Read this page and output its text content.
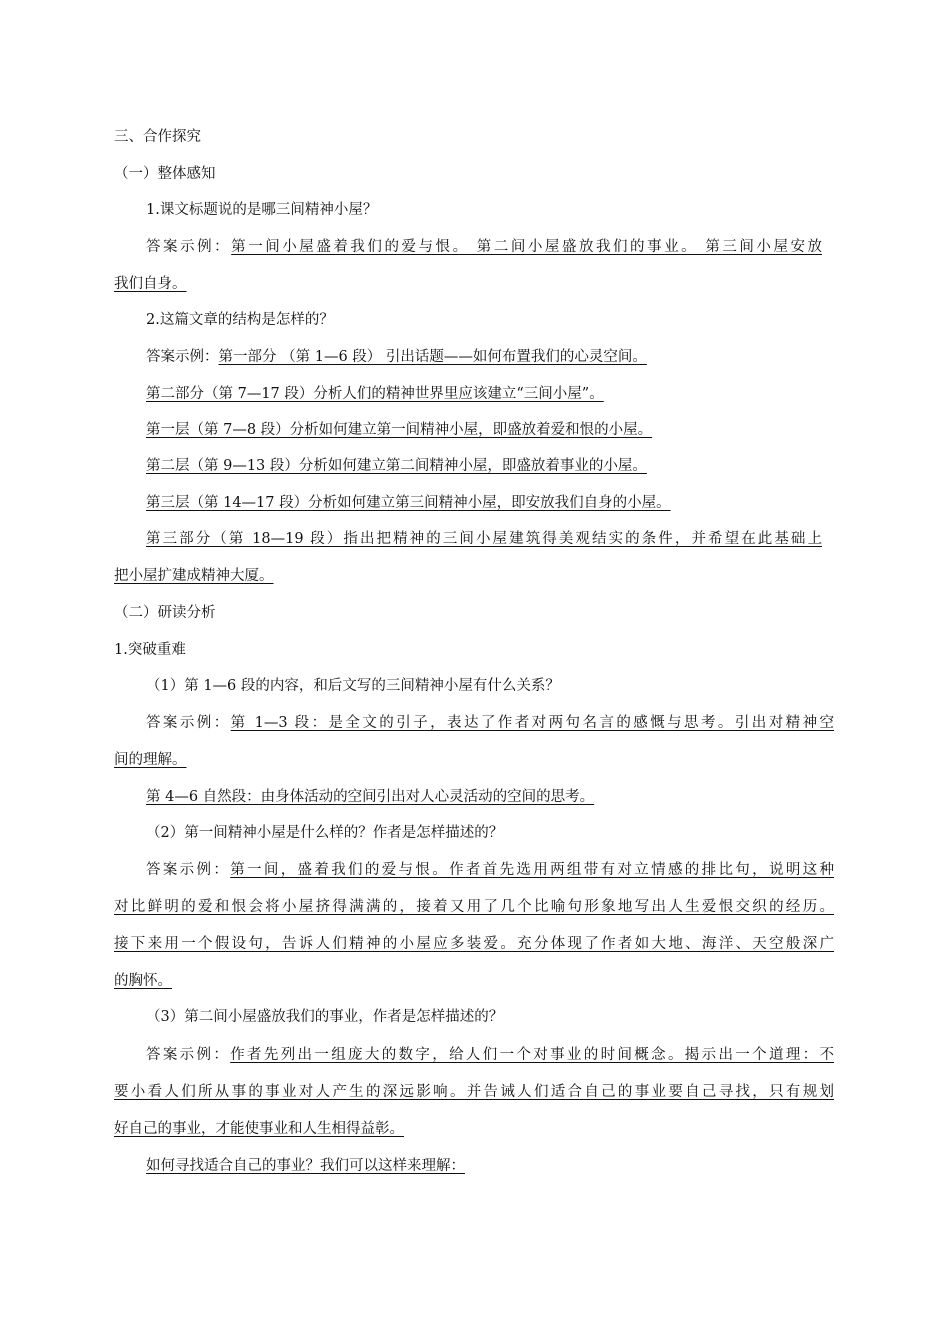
三、合作探究
（一）整体感知
1.课文标题说的是哪三间精神小屋？
答案示例：第一间小屋盛着我们的爱与恨。 第二间小屋盛放我们的事业。 第三间小屋安放
我们自身。
2.这篇文章的结构是怎样的？
答案示例：第一部分 （第 1—6 段） 引出话题——如何布置我们的心灵空间。
第二部分（第 7—17 段）分析人们的精神世界里应该建立“三间小屋”。
第一层（第 7—8 段）分析如何建立第一间精神小屋，即盛放着爱和恨的小屋。
第二层（第 9—13 段）分析如何建立第二间精神小屋，即盛放着事业的小屋。
第三层（第 14—17 段）分析如何建立第三间精神小屋，即安放我们自身的小屋。
第三部分（第 18—19 段）指出把精神的三间小屋建筑得美观结实的条件，并希望在此基础上
把小屋扩建成精神大厦。
（二）研读分析
1.突破重难
（1）第 1—6 段的内容，和后文写的三间精神小屋有什么关系？
答案示例：第 1—3 段：是全文的引子，表达了作者对两句名言的感慨与思考。引出对精神空
间的理解。
第 4—6 自然段：由身体活动的空间引出对人心灵活动的空间的思考。
（2）第一间精神小屋是什么样的？作者是怎样描述的？
答案示例：第一间，盛着我们的爱与恨。作者首先选用两组带有对立情感的排比句，说明这种
对比鲜明的爱和恨会将小屋挤得满满的，接着又用了几个比喻句形象地写出人生爱恨交织的经历。
接下来用一个假设句，告诉人们精神的小屋应多装爱。充分体现了作者如大地、海洋、天空般深广
的胸怀。
（3）第二间小屋盛放我们的事业，作者是怎样描述的？
答案示例：作者先列出一组庞大的数字，给人们一个对事业的时间概念。揭示出一个道理：不
要小看人们所从事的事业对人产生的深远影响。并告诫人们适合自己的事业要自己寻找，只有规划
好自己的事业，才能使事业和人生相得益彰。
如何寻找适合自己的事业？我们可以这样来理解：
